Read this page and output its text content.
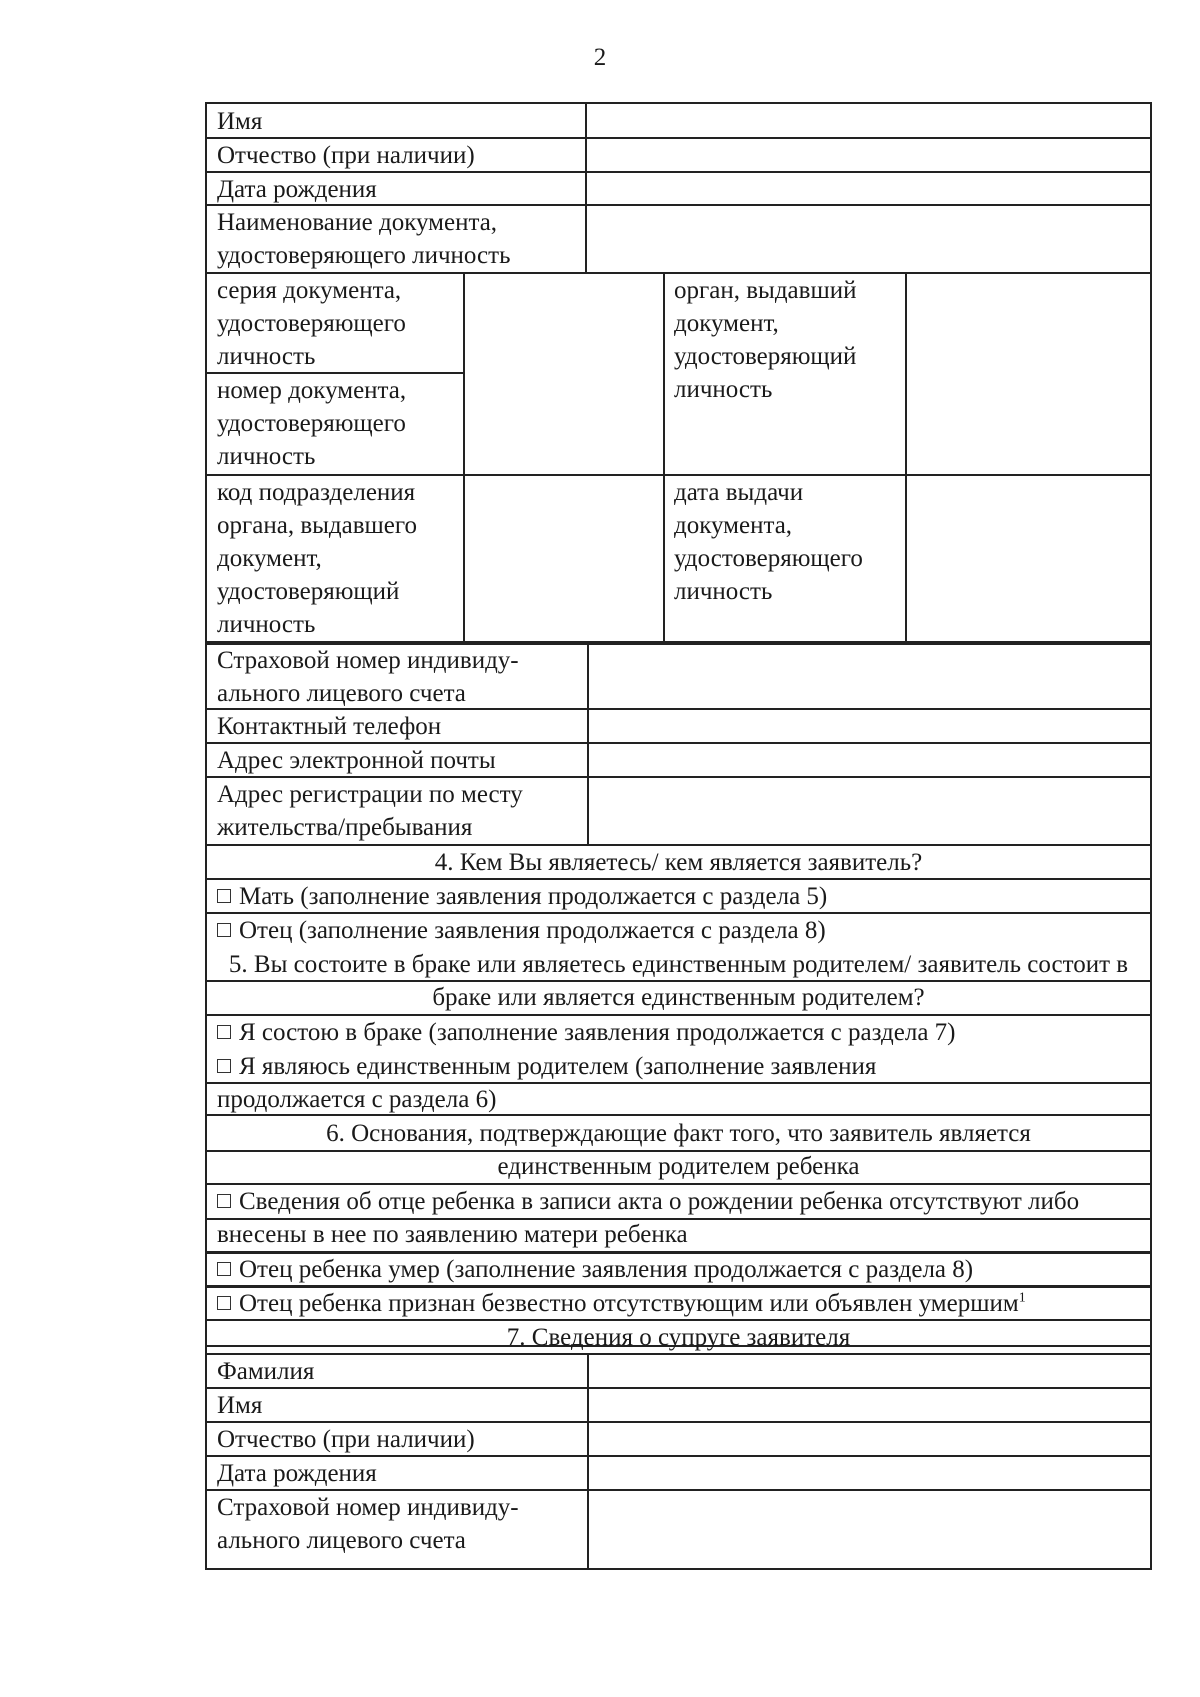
2
Имя
Отчество (при наличии)
Дата рождения
Наименование документа, удостоверяющего личность
серия документа, удостоверяющего личность
номер документа, удостоверяющего личность
орган, выдавший документ, удостоверяющий личность
код подразделения органа, выдавшего документ, удостоверяющий личность
дата выдачи документа, удостоверяющего личность
Страховой номер индивиду-ального лицевого счета
Контактный телефон
Адрес электронной почты
Адрес регистрации по месту жительства/пребывания
4. Кем Вы являетесь/ кем является заявитель?
Мать (заполнение заявления продолжается с раздела 5)
Отец (заполнение заявления продолжается с раздела 8)
5. Вы состоите в браке или являетесь единственным родителем/ заявитель состоит в браке или является единственным родителем?
Я состою в браке (заполнение заявления продолжается с раздела 7)
Я являюсь единственным родителем (заполнение заявления продолжается с раздела 6)
6. Основания, подтверждающие факт того, что заявитель является единственным родителем ребенка
Сведения об отце ребенка в записи акта о рождении ребенка отсутствуют либо внесены в нее по заявлению матери ребенка
Отец ребенка умер (заполнение заявления продолжается с раздела 8)
Отец ребенка признан безвестно отсутствующим или объявлен умершим$^1$
7. Сведения о супруге заявителя
Фамилия
Имя
Отчество (при наличии)
Дата рождения
Страховой номер индивиду-ального лицевого счета
